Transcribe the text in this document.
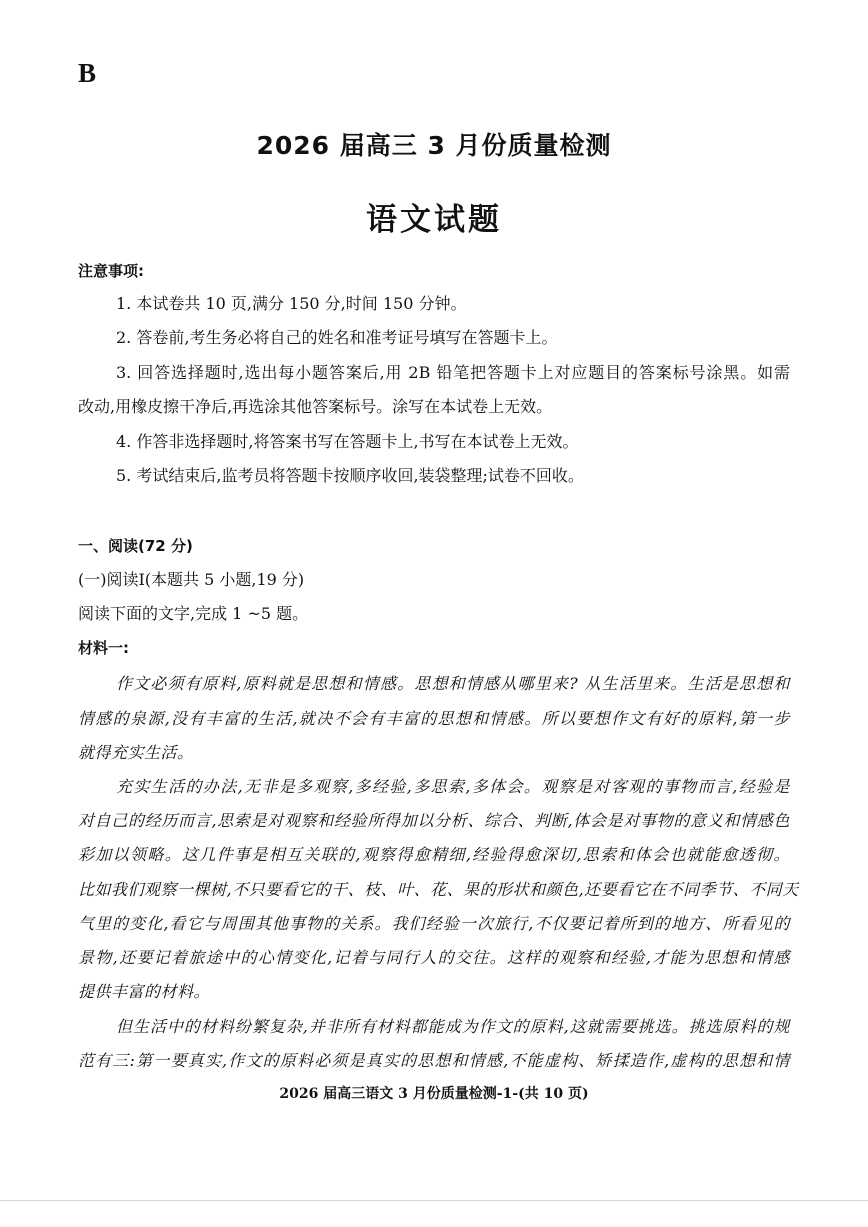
B
2026 届高三 3 月份质量检测
语文试题
注意事项:
1. 本试卷共 10 页,满分 150 分,时间 150 分钟。
2. 答卷前,考生务必将自己的姓名和准考证号填写在答题卡上。
3. 回答选择题时,选出每小题答案后,用 2B 铅笔把答题卡上对应题目的答案标号涂黑。如需
改动,用橡皮擦干净后,再选涂其他答案标号。涂写在本试卷上无效。
4. 作答非选择题时,将答案书写在答题卡上,书写在本试卷上无效。
5. 考试结束后,监考员将答题卡按顺序收回,装袋整理;试卷不回收。
一、阅读(72 分)
(一)阅读Ⅰ(本题共 5 小题,19 分)
阅读下面的文字,完成 1 ~5 题。
材料一:
作文必须有原料,原料就是思想和情感。思想和情感从哪里来? 从生活里来。生活是思想和
情感的泉源,没有丰富的生活,就决不会有丰富的思想和情感。所以要想作文有好的原料,第一步
就得充实生活。
充实生活的办法,无非是多观察,多经验,多思索,多体会。观察是对客观的事物而言,经验是
对自己的经历而言,思索是对观察和经验所得加以分析、综合、判断,体会是对事物的意义和情感色
彩加以领略。这几件事是相互关联的,观察得愈精细,经验得愈深切,思索和体会也就能愈透彻。
比如我们观察一棵树,不只要看它的干、枝、叶、花、果的形状和颜色,还要看它在不同季节、不同天
气里的变化,看它与周围其他事物的关系。我们经验一次旅行,不仅要记着所到的地方、所看见的
景物,还要记着旅途中的心情变化,记着与同行人的交往。这样的观察和经验,才能为思想和情感
提供丰富的材料。
但生活中的材料纷繁复杂,并非所有材料都能成为作文的原料,这就需要挑选。挑选原料的规
范有三:第一要真实,作文的原料必须是真实的思想和情感,不能虚构、矫揉造作,虚构的思想和情
2026 届高三语文 3 月份质量检测-1-(共 10 页)
